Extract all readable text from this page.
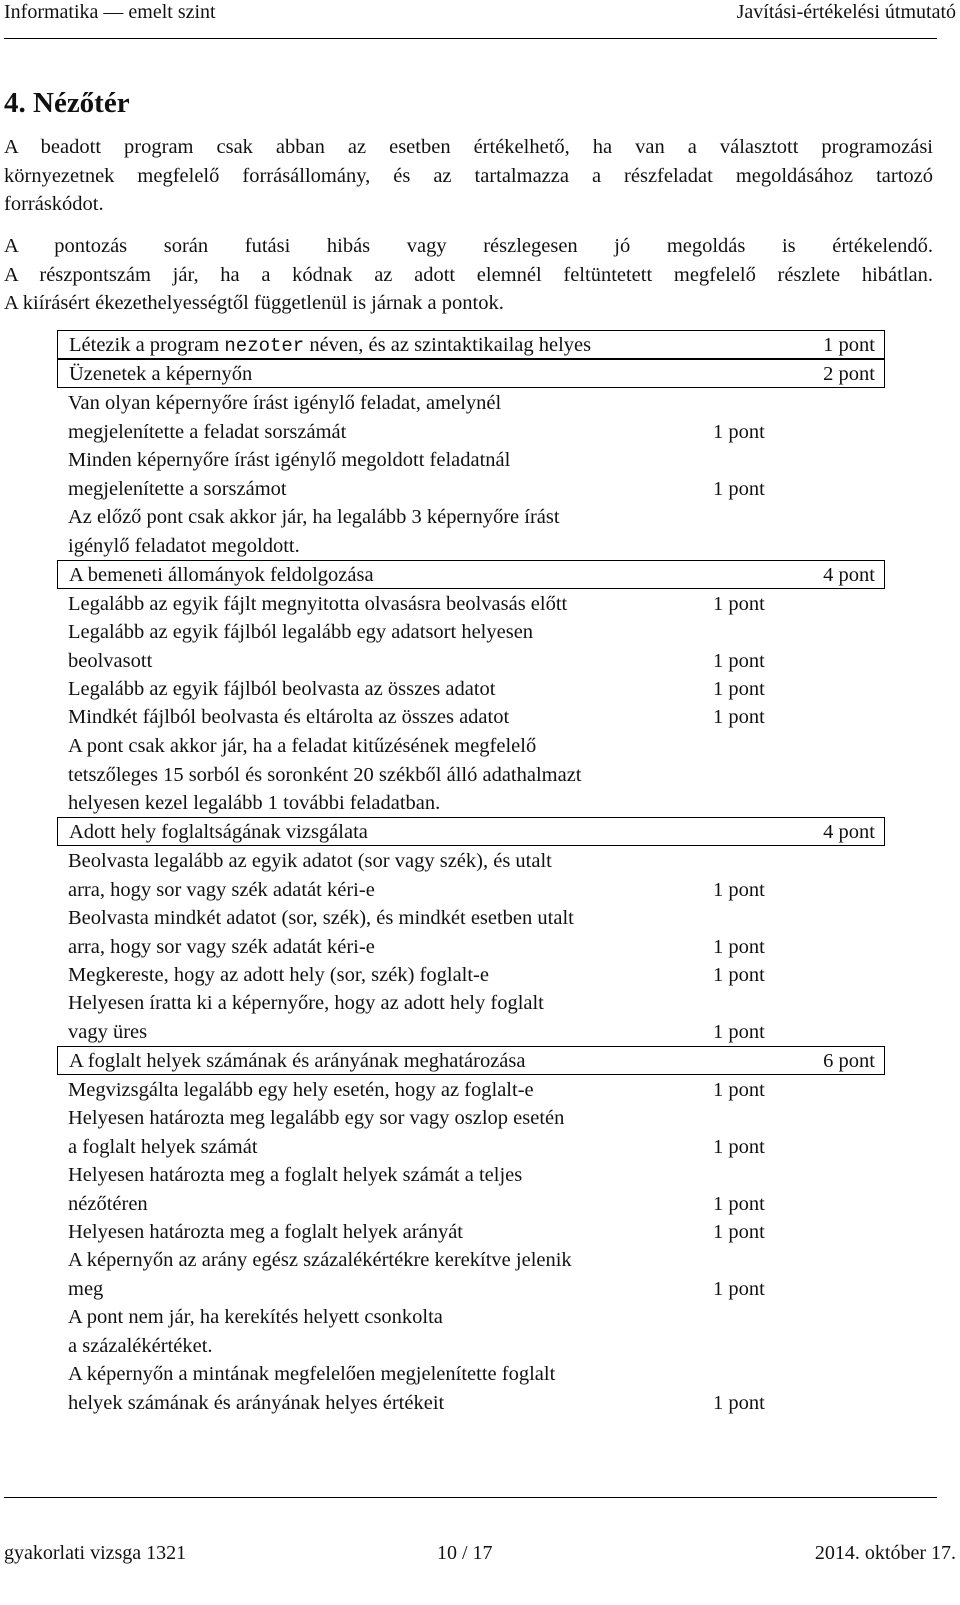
Informatika — emelt szint	Javítási-értékelési útmutató
4. Nézőtér
A beadott program csak abban az esetben értékelhető, ha van a választott programozási
környezetnek megfelelő forrásállomány, és az tartalmazza a részfeladat megoldásához tartozó
forráskódot.
A pontozás során futási hibás vagy részlegesen jó megoldás is értékelendő.
A részpontszám jár, ha a kódnak az adott elemnél feltüntetett megfelelő részlete hibátlan.
A kiírásért ékezethelyességtől függetlenül is járnak a pontok.
Létezik a program nezoter néven, és az szintaktikailag helyes	1 pont
Üzenetek a képernyőn	2 pont
Van olyan képernyőre írást igénylő feladat, amelynél
megjelenítette a feladat sorszámát	1 pont
Minden képernyőre írást igénylő megoldott feladatnál
megjelenítette a sorszámot	1 pont
Az előző pont csak akkor jár, ha legalább 3 képernyőre írást
igénylő feladatot megoldott.
A bemeneti állományok feldolgozása	4 pont
Legalább az egyik fájlt megnyitotta olvasásra beolvasás előtt	1 pont
Legalább az egyik fájlból legalább egy adatsort helyesen
beolvasott	1 pont
Legalább az egyik fájlból beolvasta az összes adatot	1 pont
Mindkét fájlból beolvasta és eltárolta az összes adatot	1 pont
A pont csak akkor jár, ha a feladat kitűzésének megfelelő
tetszőleges 15 sorból és soronként 20 székből álló adathalmazt
helyesen kezel legalább 1 további feladatban.
Adott hely foglaltságának vizsgálata	4 pont
Beolvasta legalább az egyik adatot (sor vagy szék), és utalt
arra, hogy sor vagy szék adatát kéri-e	1 pont
Beolvasta mindkét adatot (sor, szék), és mindkét esetben utalt
arra, hogy sor vagy szék adatát kéri-e	1 pont
Megkereste, hogy az adott hely (sor, szék) foglalt-e	1 pont
Helyesen íratta ki a képernyőre, hogy az adott hely foglalt
vagy üres	1 pont
A foglalt helyek számának és arányának meghatározása	6 pont
Megvizsgálta legalább egy hely esetén, hogy az foglalt-e	1 pont
Helyesen határozta meg legalább egy sor vagy oszlop esetén
a foglalt helyek számát	1 pont
Helyesen határozta meg a foglalt helyek számát a teljes
nézőtéren	1 pont
Helyesen határozta meg a foglalt helyek arányát	1 pont
A képernyőn az arány egész százalékértékre kerekítve jelenik
meg	1 pont
A pont nem jár, ha kerekítés helyett csonkolta
a százalékértéket.
A képernyőn a mintának megfelelően megjelenítette foglalt
helyek számának és arányának helyes értékeit	1 pont
gyakorlati vizsga 1321	10 / 17	2014. október 17.
